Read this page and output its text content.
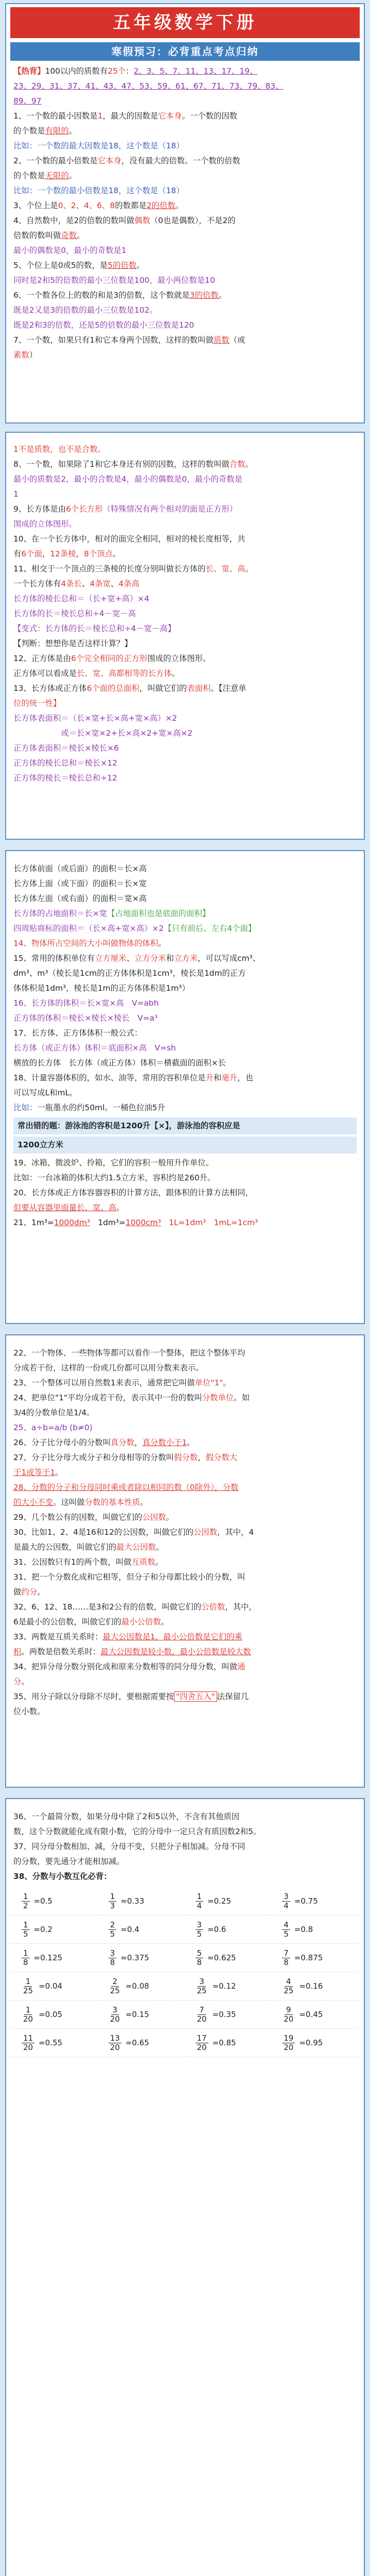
五年级数学下册
寒假预习：必背重点考点归纳

【热背】100以内的质数有25个：2、3、5、7、11、13、17、19、

23、29、31、37、41、43、47、53、59、61、67、71、73、79、83、

89、97

1、一个数的最小因数是1，最大的因数是它本身。一个数的因数

的个数是有限的。

比如：一个数的最大因数是18，这个数是（18）

2、一个数的最小倍数是它本身，没有最大的倍数。一个数的倍数

的个数是无限的。

比如：一个数的最小倍数是18，这个数是（18）

3、个位上是0、2、4、6、8的数都是2的倍数。

4、自然数中，是2的倍数的数叫做偶数（0也是偶数），不是2的

倍数的数叫做奇数。

最小的偶数是0，最小的奇数是1

5、个位上是0或5的数，是5的倍数。

同时是2和5的倍数的最小三位数是100，最小两位数是10

6、一个数各位上的数的和是3的倍数，这个数就是3的倍数。

既是2又是3的倍数的最小三位数是102。

既是2和3的倍数，还是5的倍数的最小三位数是120

7、一个数，如果只有1和它本身两个因数，这样的数叫做质数（或

素数）

1不是质数，也不是合数。

8、一个数，如果除了1和它本身还有别的因数，这样的数叫做合数。

最小的质数是2，最小的合数是4，最小的偶数是0，最小的奇数是

1

9、长方体是由6个长方形（特殊情况有两个相对的面是正方形）

围成的立体图形。

10、在一个长方体中，相对的面完全相同，相对的棱长度相等，共

有6个面，12条棱，8个顶点。

11、相交于一个顶点的三条棱的长度分别叫做长方体的长、宽、高。

一个长方体有4条长、4条宽、4条高

长方体的棱长总和＝（长+宽+高）×4

长方体的长＝棱长总和÷4－宽－高

【变式：长方体的长＝棱长总和÷4－宽－高】

【判断：想想你是否这样计算？】

12、正方体是由6个完全相同的正方形围成的立体图形。

正方体可以看成是长、宽、高都相等的长方体。

13、长方体或正方体6个面的总面积，叫做它们的表面积。【注意单

位的统一性】

长方体表面积＝（长×宽+长×高+宽×高）×2

　　　　　　或＝长×宽×2+长×高×2+宽×高×2

正方体表面积＝棱长×棱长×6

正方体的棱长总和＝棱长×12

正方体的棱长＝棱长总和÷12

长方体前面（或后面）的面积＝长×高

长方体上面（或下面）的面积＝长×宽

长方体左面（或右面）的面积＝宽×高

长方体的占地面积＝长×宽【占地面积也是底面的面积】

四周贴商标的面积＝（长×高+宽×高）×2【只有前后、左右4个面】

14、物体所占空间的大小叫做物体的体积。

15、常用的体积单位有立方厘米、立方分米和立方米，可以写成cm³、

dm³、m³（棱长是1cm的正方体体积是1cm³，棱长是1dm的正方

体体积是1dm³，棱长是1m的正方体体积是1m³）

16、长方体的体积＝长×宽×高　V=abh

正方体的体积＝棱长×棱长×棱长　V=a³

17、长方体、正方体体积一般公式：

长方体（或正方体）体积＝底面积×高　V=sh

横放的长方体　长方体（或正方体）体积＝横截面的面积×长

18、计量容器体积的，如水、油等，常用的容积单位是升和毫升，也

可以写成L和mL。

比如：一瓶墨水的约50ml。一桶色拉油5升

常出错的题：游泳池的容积是1200升【×】，游泳池的容积应是

1200立方米

19、冰箱、微波炉、拎箱，它们的容积一般用升作单位。

比如：一台冰箱的体积大约1.5立方米，容积约是260升。

20、长方体或正方体容器容积的计算方法，跟体积的计算方法相同，

但要从容器里面量长、宽、高。

21、1m³=1000dm³　1dm³=1000cm³　1L=1dm³　1mL=1cm³

22、一个物体、一些物体等都可以看作一个整体，把这个整体平均

分成若干份，这样的一份或几份都可以用分数来表示。

23、一个整体可以用自然数1来表示，通常把它叫做单位"1"。

24、把单位"1"平均分成若干份，表示其中一份的数叫分数单位。如

3/4的分数单位是1/4。

25、a÷b=a/b (b≠0)

26、分子比分母小的分数叫真分数，真分数小于1。

27、分子比分母大或分子和分母相等的分数叫假分数，假分数大

于1或等于1。

28、分数的分子和分母同时乘或者除以相同的数（0除外），分数

的大小不变。这叫做分数的基本性质。

29、几个数公有的因数，叫做它们的公因数。

30、比如1、2、4是16和12的公因数，叫做它们的公因数，其中，4

是最大的公因数，叫做它们的最大公因数。

31、公因数只有1的两个数，叫做互质数。

31、把一个分数化成和它相等，但分子和分母都比较小的分数，叫

做约分。

32、6、12、18……是3和2公有的倍数，叫做它们的公倍数，其中，

6是最小的公倍数，叫做它们的最小公倍数。

33、两数是互质关系时：最大公因数是1，最小公倍数是它们的乘

积。两数是倍数关系时：最大公因数是较小数，最小公倍数是较大数

34、把异分母分数分别化成和原来分数相等的同分母分数，叫做通

分。

35、用分子除以分母除不尽时，要根据需要按 "四舍五入" 法保留几

位小数。

36、一个最简分数，如果分母中除了2和5以外，不含有其他质因

数，这个分数就能化成有限小数，它的分母中一定只含有质因数2和5。

37、同分母分数相加、减，分母不变，只把分子相加减。分母不同

的分数，要先通分才能相加减。

38、分数与小数互化必背：

$\frac{1}{2} =0.5$	$\frac{1}{3} \approx 0.33$	$\frac{1}{4} =0.25$	$\frac{3}{4} =0.75$

$\frac{1}{5} =0.2$	$\frac{2}{5} =0.4$	$\frac{3}{5} =0.6$	$\frac{4}{5} =0.8$

$\frac{1}{8} =0.125$	$\frac{3}{8} =0.375$	$\frac{5}{8} =0.625$	$\frac{7}{8} =0.875$

$\frac{1}{25} =0.04$	$\frac{2}{25} =0.08$	$\frac{3}{25} =0.12$	$\frac{4}{25} =0.16$

$\frac{1}{20} =0.05$	$\frac{3}{20} =0.15$	$\frac{7}{20} =0.35$	$\frac{9}{20} =0.45$

$\frac{11}{20} =0.55$	$\frac{13}{20} =0.65$	$\frac{17}{20} =0.85$	$\frac{19}{20} =0.95$
